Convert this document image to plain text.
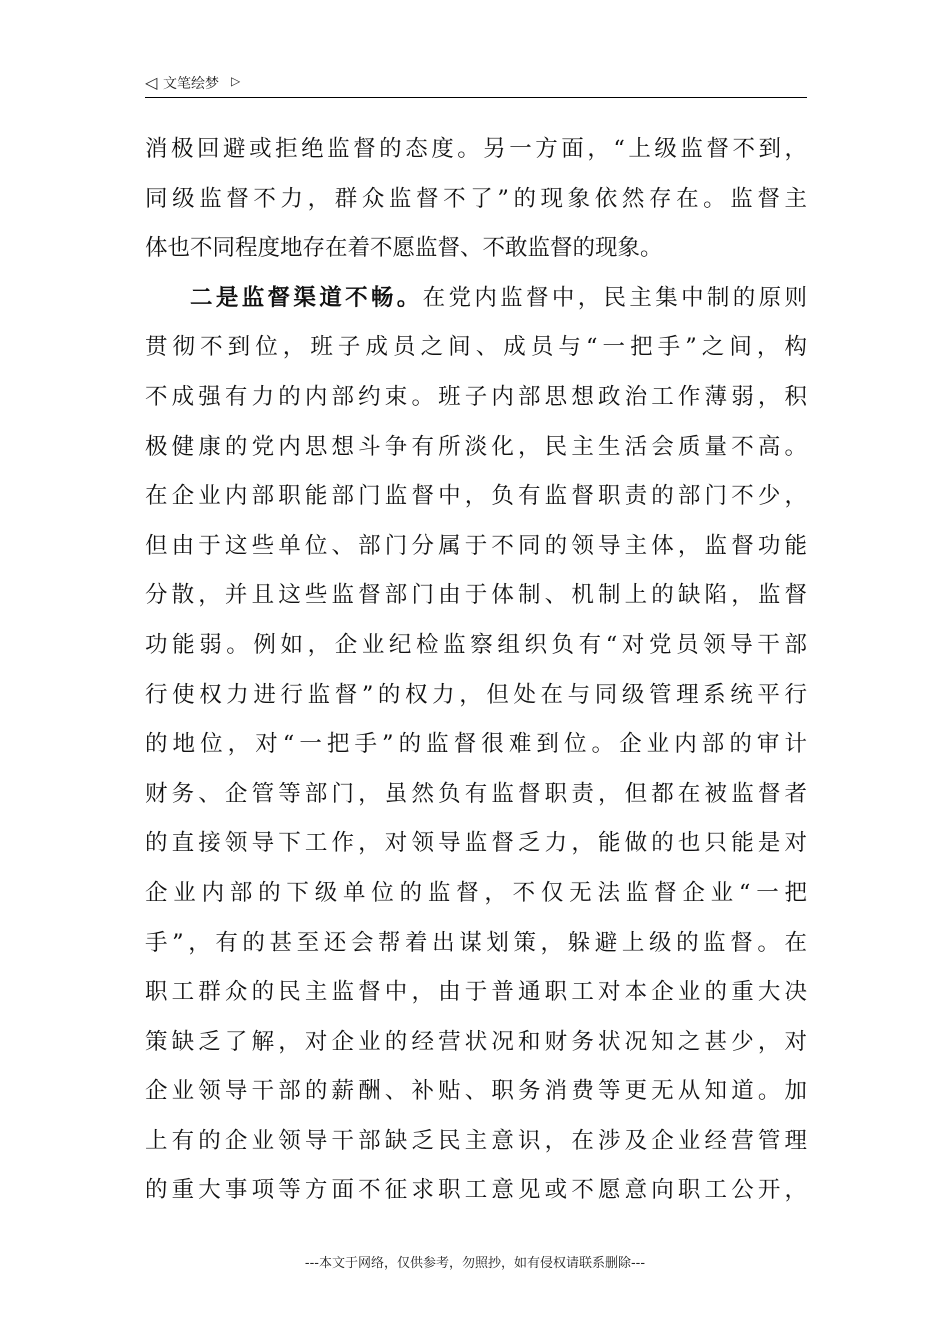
◁ 文笔绘梦 ▷
消极回避或拒绝监督的态度。另一方面，“上级监督不到，
同级监督不力，群众监督不了”的现象依然存在。监督主
体也不同程度地存在着不愿监督、不敢监督的现象。
二是监督渠道不畅。在党内监督中，民主集中制的原则
贯彻不到位，班子成员之间、成员与“一把手”之间，构
不成强有力的内部约束。班子内部思想政治工作薄弱，积
极健康的党内思想斗争有所淡化，民主生活会质量不高。
在企业内部职能部门监督中，负有监督职责的部门不少，
但由于这些单位、部门分属于不同的领导主体，监督功能
分散，并且这些监督部门由于体制、机制上的缺陷，监督
功能弱。例如，企业纪检监察组织负有“对党员领导干部
行使权力进行监督”的权力，但处在与同级管理系统平行
的地位，对“一把手”的监督很难到位。企业内部的审计
财务、企管等部门，虽然负有监督职责，但都在被监督者
的直接领导下工作，对领导监督乏力，能做的也只能是对
企业内部的下级单位的监督，不仅无法监督企业“一把
手”，有的甚至还会帮着出谋划策，躲避上级的监督。在
职工群众的民主监督中，由于普通职工对本企业的重大决
策缺乏了解，对企业的经营状况和财务状况知之甚少，对
企业领导干部的薪酬、补贴、职务消费等更无从知道。加
上有的企业领导干部缺乏民主意识，在涉及企业经营管理
的重大事项等方面不征求职工意见或不愿意向职工公开，
---本文于网络，仅供参考，勿照抄，如有侵权请联系删除---
